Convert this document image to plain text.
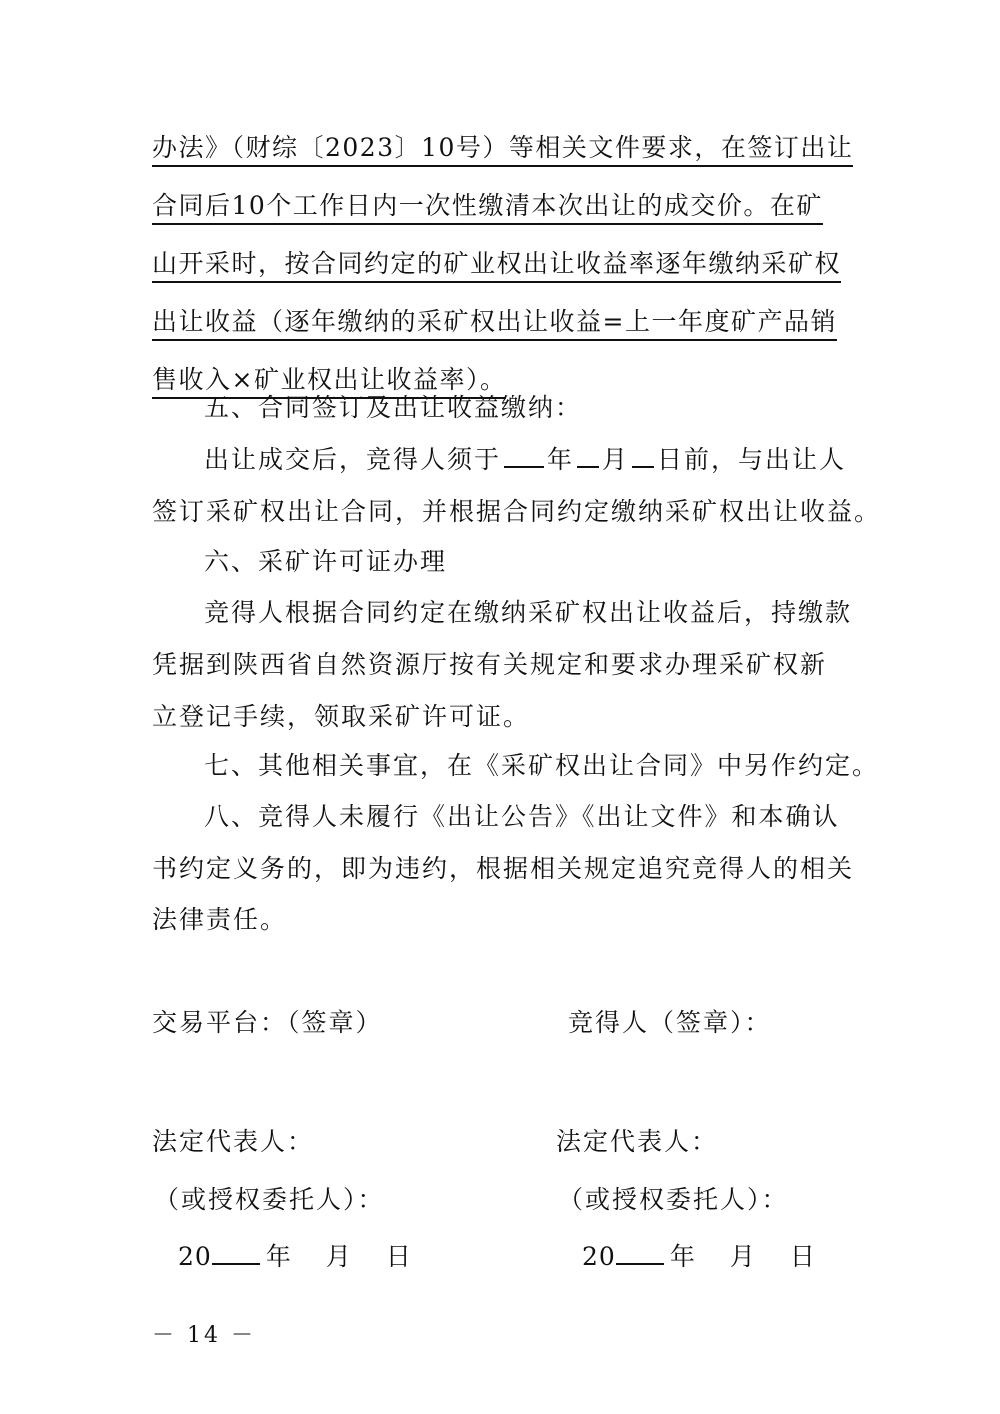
办法》（财综〔2023〕10号）等相关文件要求，在签订出让
合同后10个工作日内一次性缴清本次出让的成交价。在矿
山开采时，按合同约定的矿业权出让收益率逐年缴纳采矿权
出让收益（逐年缴纳的采矿权出让收益=上一年度矿产品销
售收入×矿业权出让收益率）。
五、合同签订及出让收益缴纳：
出让成交后，竞得人须于 年 月 日前，与出让人
签订采矿权出让合同，并根据合同约定缴纳采矿权出让收益。
六、采矿许可证办理
竞得人根据合同约定在缴纳采矿权出让收益后，持缴款
凭据到陕西省自然资源厅按有关规定和要求办理采矿权新
立登记手续，领取采矿许可证。
七、其他相关事宜，在《采矿权出让合同》中另作约定。
八、竞得人未履行《出让公告》《出让文件》和本确认
书约定义务的，即为违约，根据相关规定追究竞得人的相关
法律责任。
交易平台：（签章）	竞得人（签章）：
法定代表人：	法定代表人：
（或授权委托人）：	（或授权委托人）：
20 年 月 日	20 年 月 日
－ 14 －
